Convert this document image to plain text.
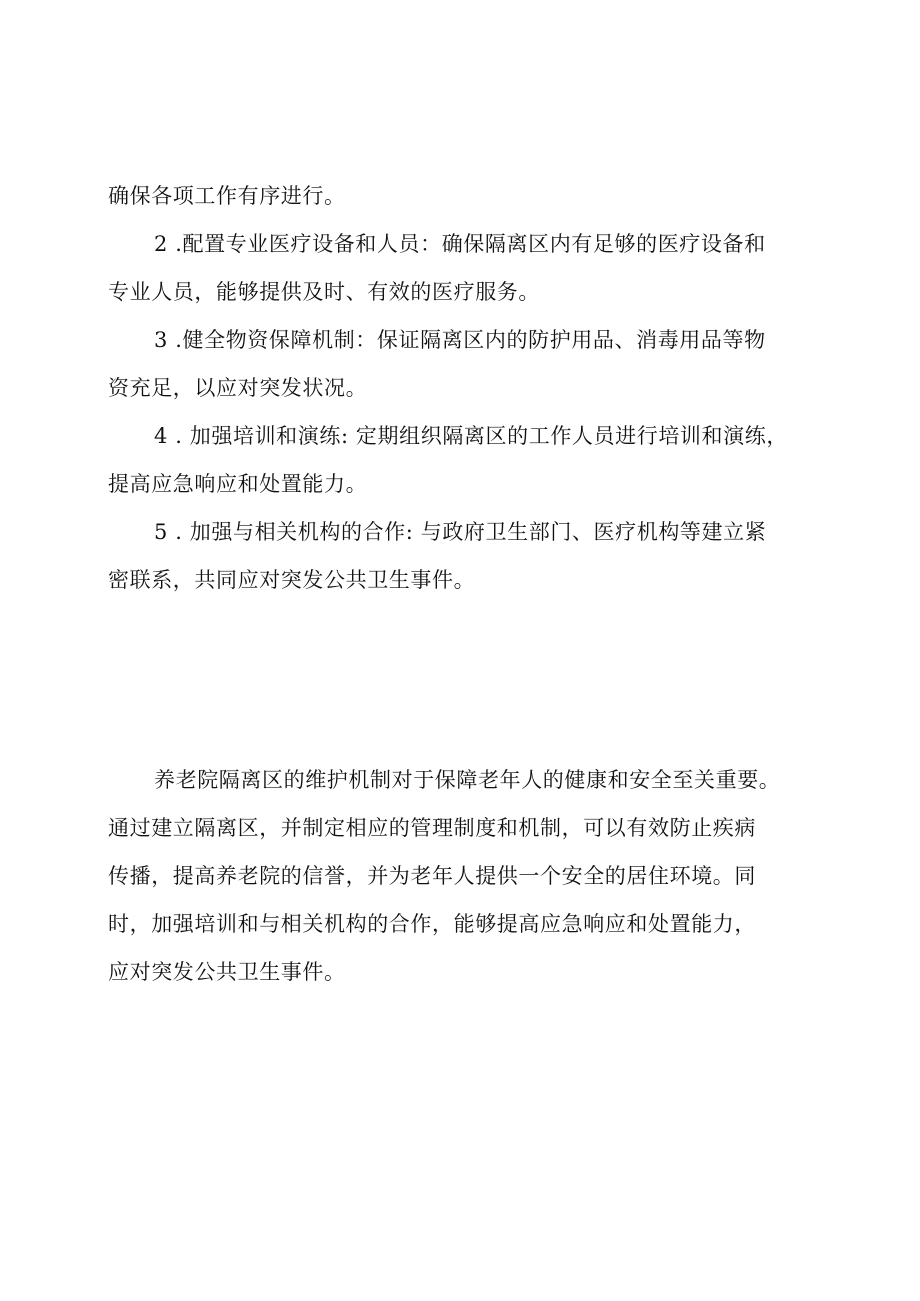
确保各项工作有序进行。
2 .配置专业医疗设备和人员：确保隔离区内有足够的医疗设备和
专业人员，能够提供及时、有效的医疗服务。
3 .健全物资保障机制：保证隔离区内的防护用品、消毒用品等物
资充足，以应对突发状况。
4 . 加强培训和演练: 定期组织隔离区的工作人员进行培训和演练，
提高应急响应和处置能力。
5 . 加强与相关机构的合作: 与政府卫生部门、医疗机构等建立紧
密联系，共同应对突发公共卫生事件。
养老院隔离区的维护机制对于保障老年人的健康和安全至关重要。
通过建立隔离区，并制定相应的管理制度和机制，可以有效防止疾病
传播，提高养老院的信誉，并为老年人提供一个安全的居住环境。同
时，加强培训和与相关机构的合作，能够提高应急响应和处置能力，
应对突发公共卫生事件。
